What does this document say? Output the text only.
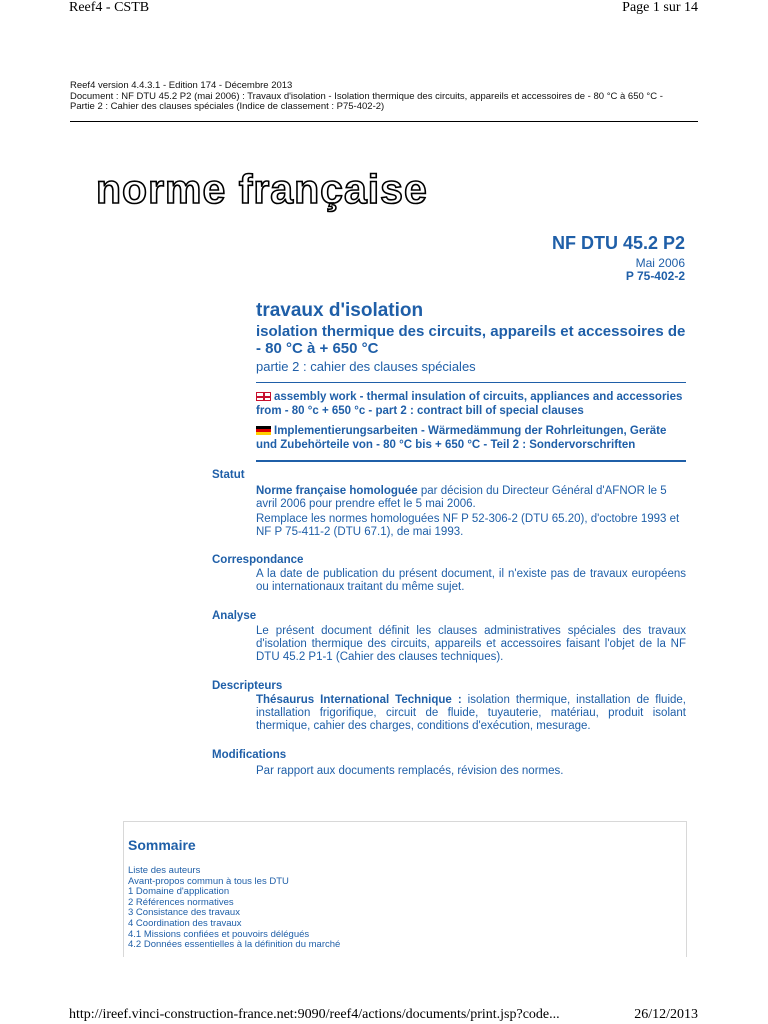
Reef4 - CSTB	Page 1 sur 14
Reef4 version 4.4.3.1 - Edition 174 - Décembre 2013
Document : NF DTU 45.2 P2 (mai 2006) : Travaux d'isolation - Isolation thermique des circuits, appareils et accessoires de - 80 °C à 650 °C -
Partie 2 : Cahier des clauses spéciales (Indice de classement : P75-402-2)
norme française
NF DTU 45.2 P2
Mai 2006
P 75-402-2
travaux d'isolation
isolation thermique des circuits, appareils et accessoires de - 80 °C à + 650 °C
partie 2 : cahier des clauses spéciales
assembly work - thermal insulation of circuits, appliances and accessories from - 80 °c + 650 °c - part 2 : contract bill of special clauses
Implementierungsarbeiten - Wärmedämmung der Rohrleitungen, Geräte und Zubehörteile von - 80 °C bis + 650 °C - Teil 2 : Sondervorschriften
Statut
Norme française homologuée par décision du Directeur Général d'AFNOR le 5 avril 2006 pour prendre effet le 5 mai 2006.
Remplace les normes homologuées NF P 52-306-2 (DTU 65.20), d'octobre 1993 et NF P 75-411-2 (DTU 67.1), de mai 1993.
Correspondance
A la date de publication du présent document, il n'existe pas de travaux européens ou internationaux traitant du même sujet.
Analyse
Le présent document définit les clauses administratives spéciales des travaux d'isolation thermique des circuits, appareils et accessoires faisant l'objet de la NF DTU 45.2 P1-1 (Cahier des clauses techniques).
Descripteurs
Thésaurus International Technique : isolation thermique, installation de fluide, installation frigorifique, circuit de fluide, tuyauterie, matériau, produit isolant thermique, cahier des charges, conditions d'exécution, mesurage.
Modifications
Par rapport aux documents remplacés, révision des normes.
Sommaire
Liste des auteurs
Avant-propos commun à tous les DTU
1 Domaine d'application
2 Références normatives
3 Consistance des travaux
4 Coordination des travaux
4.1 Missions confiées et pouvoirs délégués
4.2 Données essentielles à la définition du marché
http://ireef.vinci-construction-france.net:9090/reef4/actions/documents/print.jsp?code...	26/12/2013
